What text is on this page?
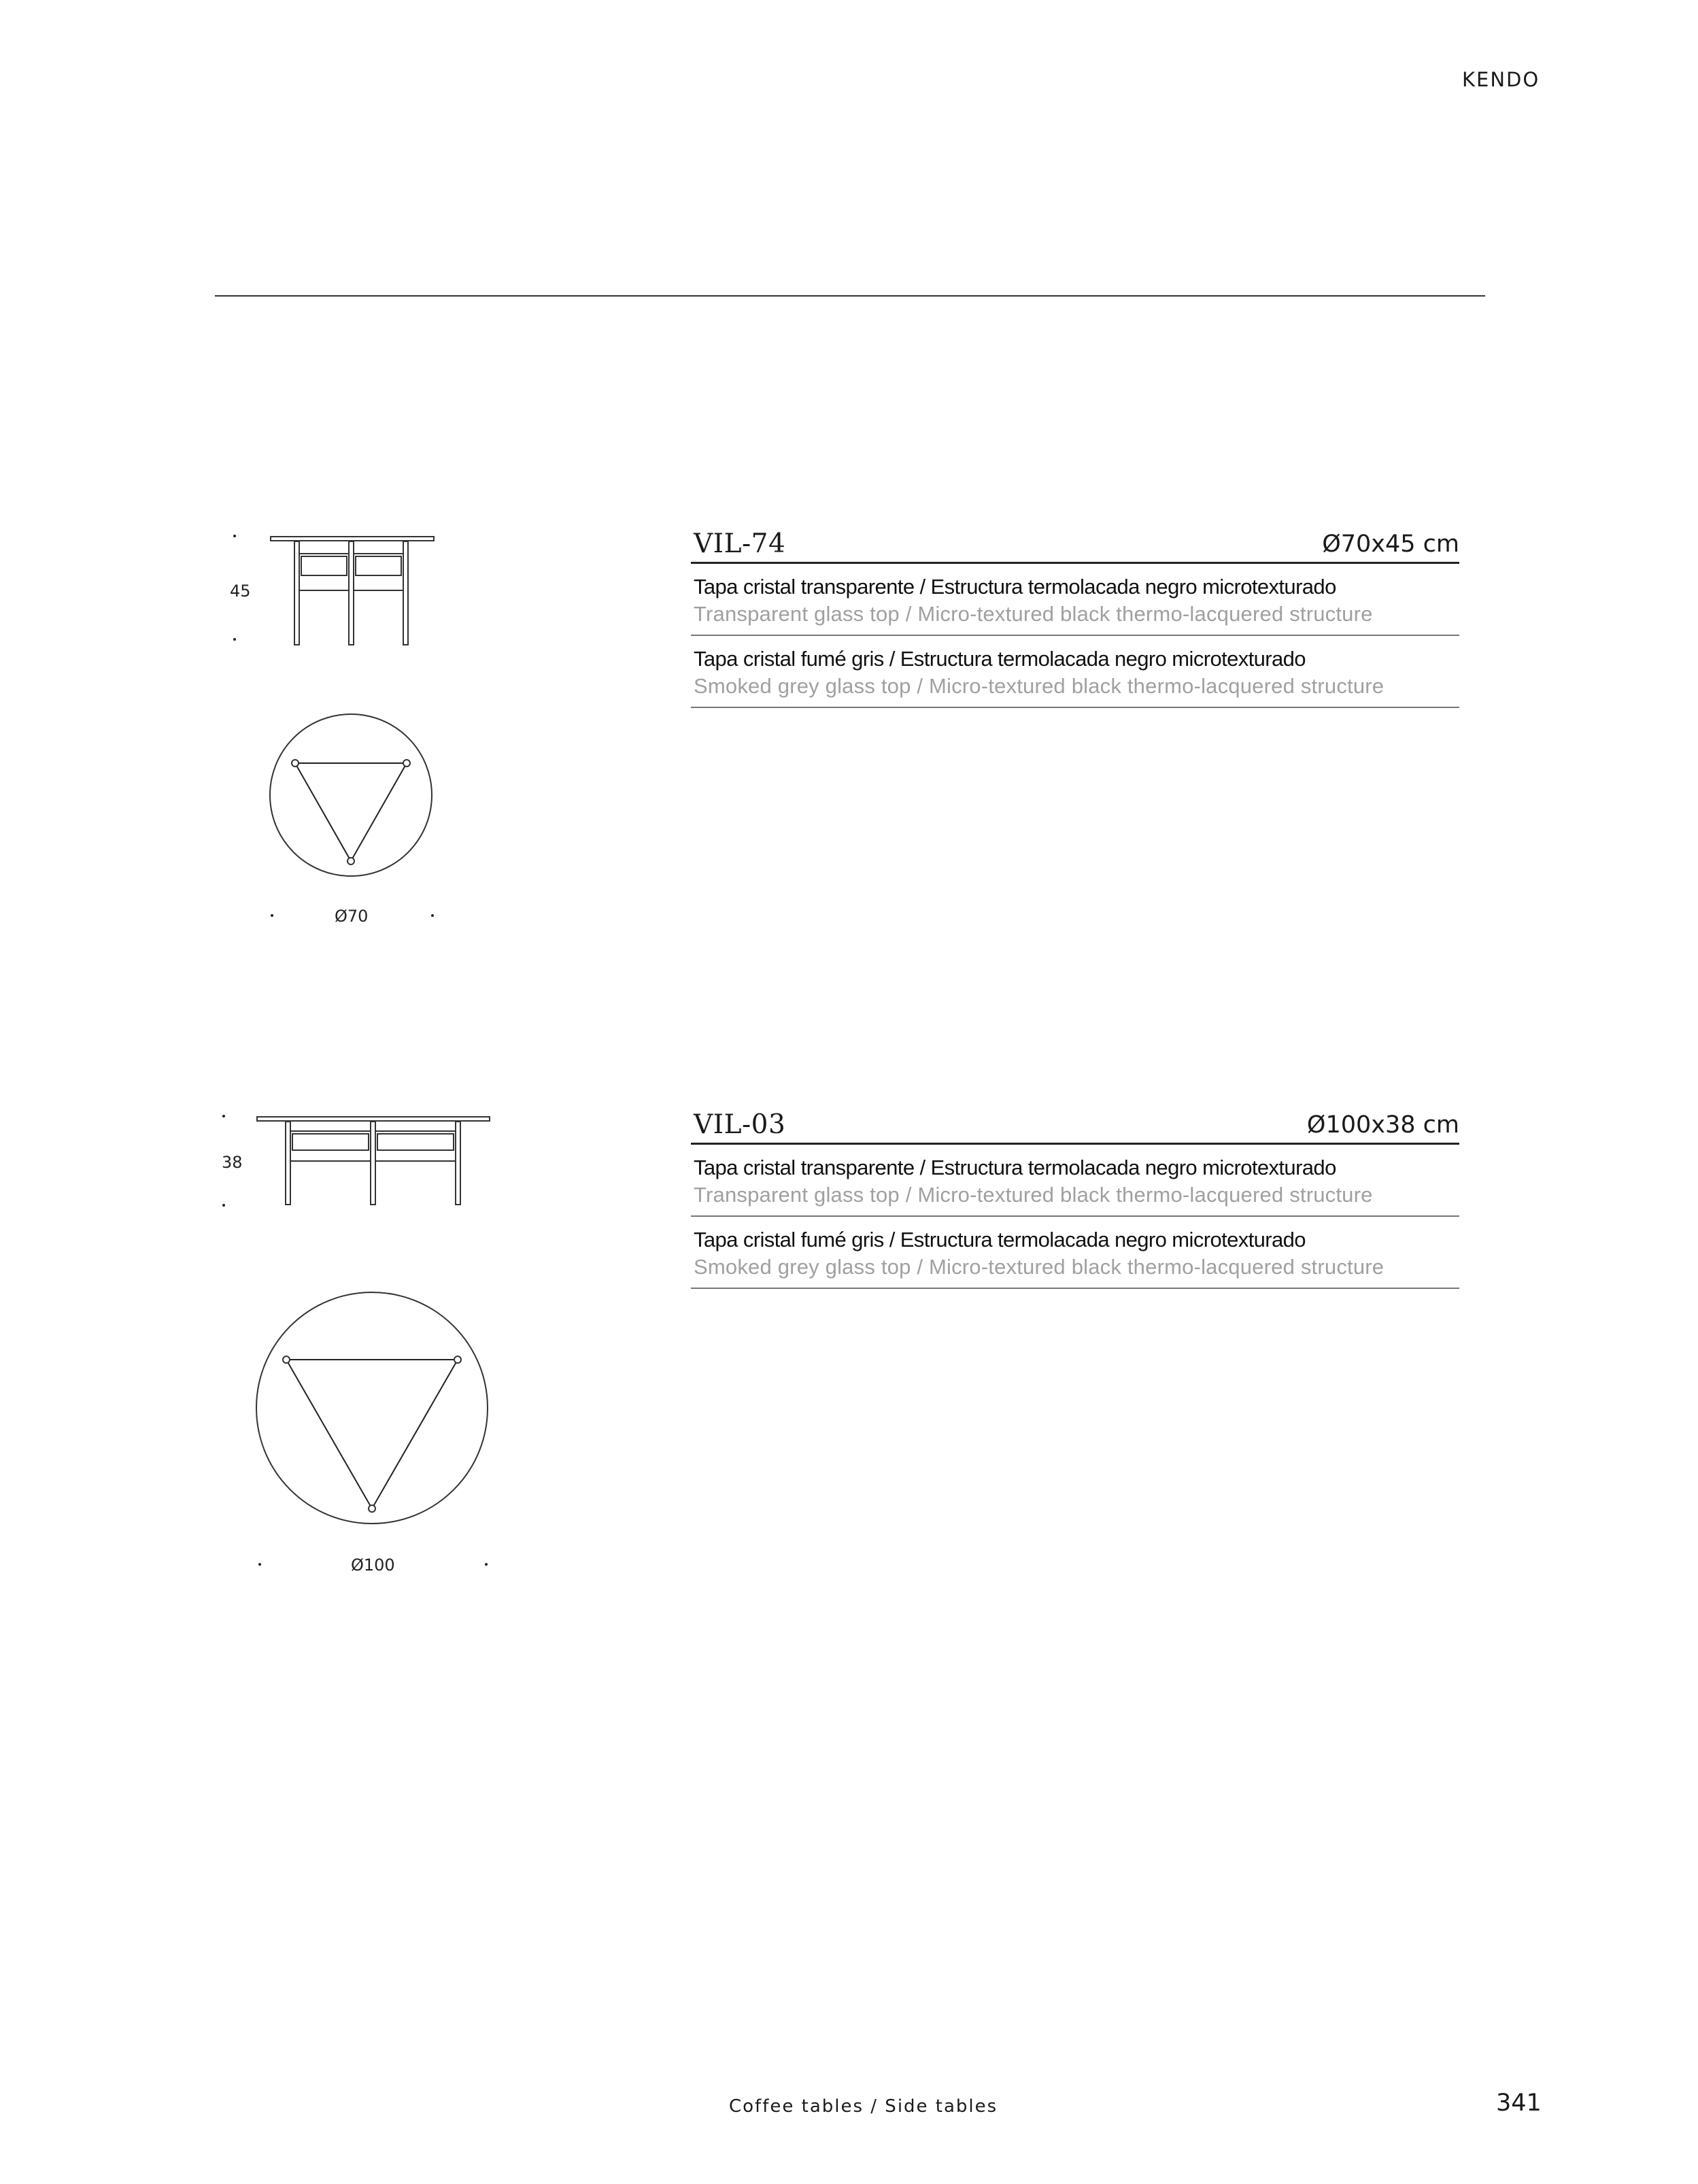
KENDO
45
Ø70
VIL-74	Ø70x45 cm
Tapa cristal transparente / Estructura termolacada negro microtexturado
Transparent glass top / Micro-textured black thermo-lacquered structure
Tapa cristal fumé gris / Estructura termolacada negro microtexturado
Smoked grey glass top / Micro-textured black thermo-lacquered structure
38
Ø100
VIL-03	Ø100x38 cm
Tapa cristal transparente / Estructura termolacada negro microtexturado
Transparent glass top / Micro-textured black thermo-lacquered structure
Tapa cristal fumé gris / Estructura termolacada negro microtexturado
Smoked grey glass top / Micro-textured black thermo-lacquered structure
Coffee tables / Side tables	341
